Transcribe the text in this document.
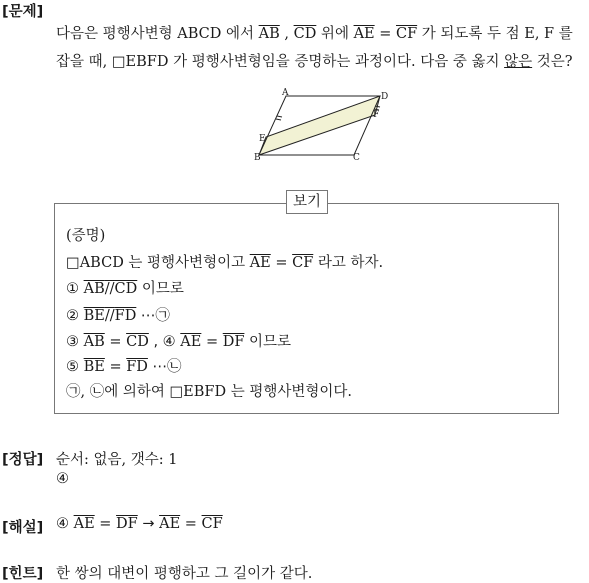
[문제]
다음은 평행사변형 ABCD 에서 $\overline{AB}$ , $\overline{CD}$ 위에 $\overline{AE} = \overline{CF}$ 가 되도록 두 점 E, F 를
잡을 때, □EBFD 가 평행사변형임을 증명하는 과정이다. 다음 중 옳지 않은 것은?
A	D
E
F
B	C
보기
(증명)
□ABCD 는 평행사변형이고 $\overline{AE} = \overline{CF}$ 라고 하자.
① AB//CD 이므로
② BE//FD ⋯㉠
③ $\overline{AB} = \overline{CD}$ , ④ $\overline{AE} = \overline{DF}$ 이므로
⑤ $\overline{BE} = \overline{FD}$ ⋯㉡
㉠, ㉡에 의하여 □EBFD 는 평행사변형이다.
[정답] 순서: 없음, 갯수: 1
④
[해설] ④ $\overline{AE} = \overline{DF} \to \overline{AE} = \overline{CF}$
[힌트] 한 쌍의 대변이 평행하고 그 길이가 같다.
